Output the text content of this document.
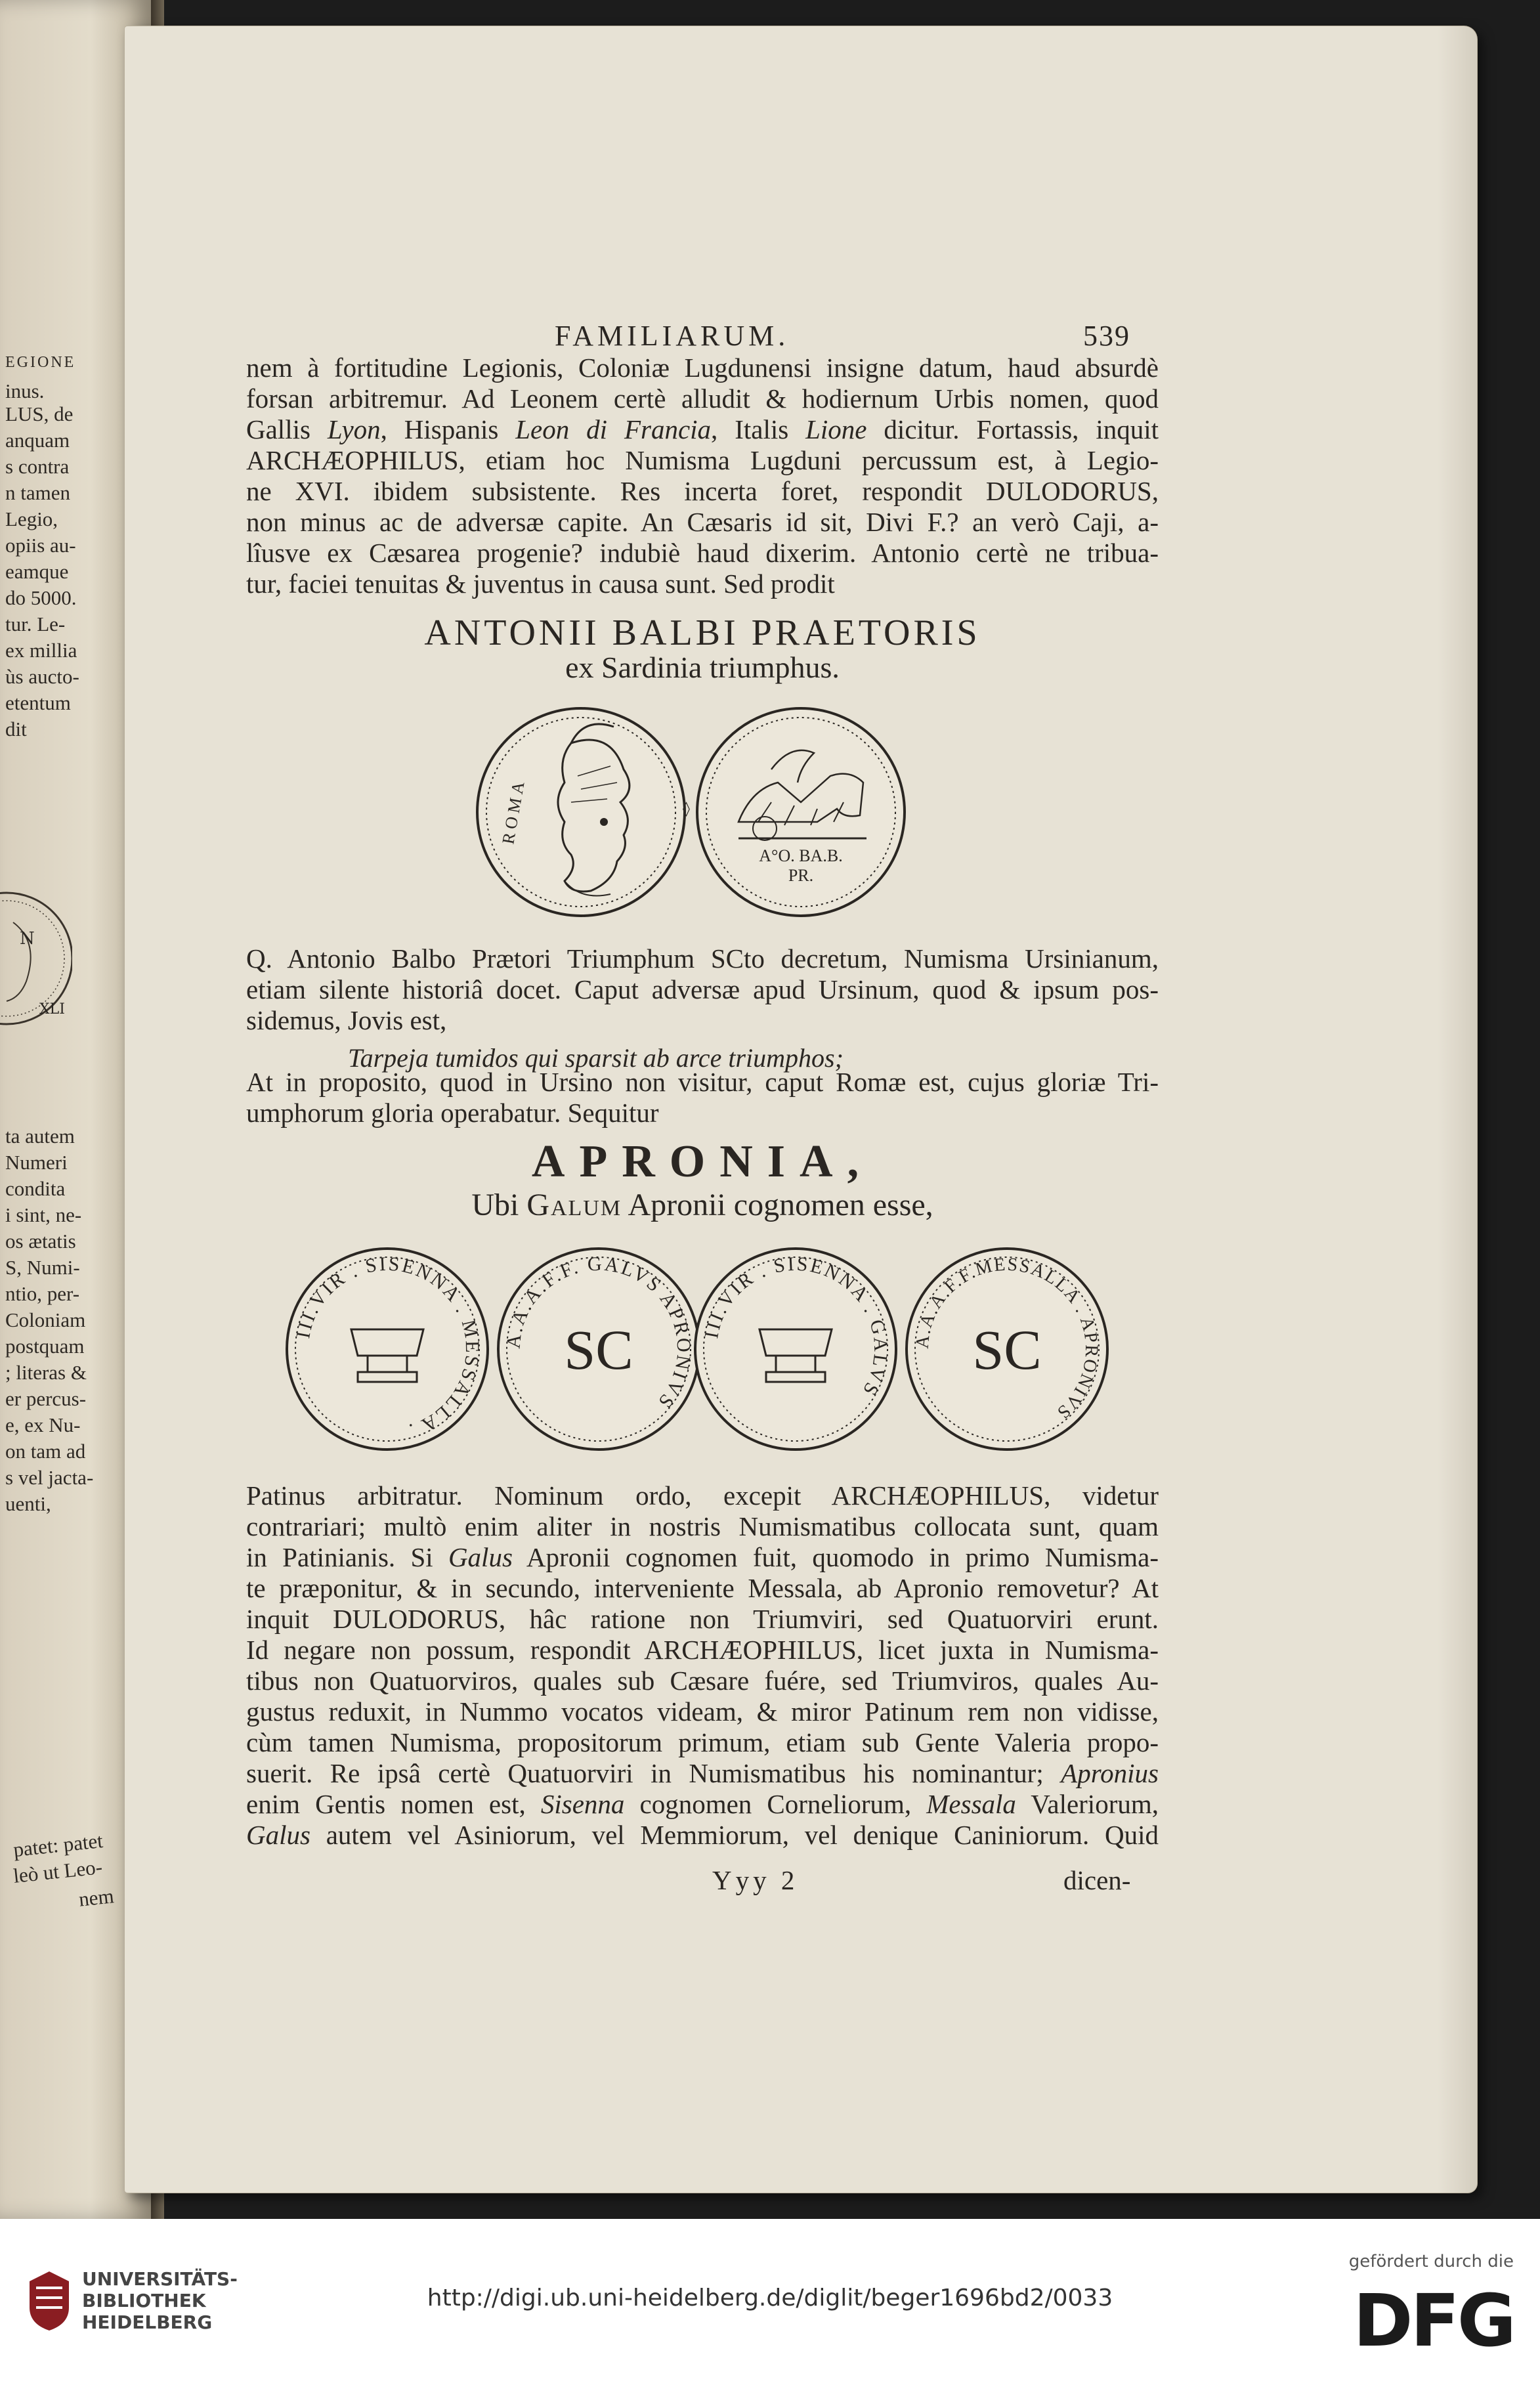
EGIONE
inus.
LUS, de
anquam
s contra
n tamen
Legio,
opiis au-
eamque
do 5000.
tur. Le-
ex millia
ùs aucto-
etentum
dit
ta autem
Numeri
condita
i sint, ne-
os ætatis
S, Numi-
ntio, per-
Coloniam
postquam
; literas &
er percus-
e, ex Nu-
on tam ad
s vel jacta-
uenti,
patet: patet
leò ut Leo-
nem
N
XLI
FAMILIARUM.	539
nem à fortitudine Legionis, Coloniæ Lugdunensi insigne datum, haud absurdè
forsan arbitremur. Ad Leonem certè alludit & hodiernum Urbis nomen, quod
Gallis Lyon, Hispanis Leon di Francia, Italis Lione dicitur. Fortassis, inquit
ARCHÆOPHILUS, etiam hoc Numisma Lugduni percussum est, à Legio-
ne XVI. ibidem subsistente. Res incerta foret, respondit DULODORUS,
non minus ac de adversæ capite. An Cæsaris id sit, Divi F.? an verò Caji, a-
lîusve ex Cæsarea progenie? indubiè haud dixerim. Antonio certè ne tribua-
tur, faciei tenuitas & juventus in causa sunt. Sed prodit
ANTONII BALBI PRAETORIS
ex Sardinia triumphus.
ROMA	◊
A°O. BA.B.
PR.
Q. Antonio Balbo Prætori Triumphum SCto decretum, Numisma Ursinianum,
etiam silente historiâ docet. Caput adversæ apud Ursinum, quod & ipsum pos-
sidemus, Jovis est,
Tarpeja tumidos qui sparsit ab arce triumphos;
At in proposito, quod in Ursino non visitur, caput Romæ est, cujus gloriæ Tri-
umphorum gloria operabatur. Sequitur
APRONIA,
Ubi Galum Apronii cognomen esse,
III.VIR . SISENNA . MESSALLA .
SC
A.A.A.F.F. GALVS APRONIVS
III.VIR . SISENNA . GALVS
SC
A.A.A.F.F.MESSALLA . APRONIVS
Patinus arbitratur. Nominum ordo, excepit ARCHÆOPHILUS, videtur
contrariari; multò enim aliter in nostris Numismatibus collocata sunt, quam
in Patinianis. Si Galus Apronii cognomen fuit, quomodo in primo Numisma-
te præponitur, & in secundo, interveniente Messala, ab Apronio removetur? At
inquit DULODORUS, hâc ratione non Triumviri, sed Quatuorviri erunt.
Id negare non possum, respondit ARCHÆOPHILUS, licet juxta in Numisma-
tibus non Quatuorviros, quales sub Cæsare fuére, sed Triumviros, quales Au-
gustus reduxit, in Nummo vocatos videam, & miror Patinum rem non vidisse,
cùm tamen Numisma, propositorum primum, etiam sub Gente Valeria propo-
suerit. Re ipsâ certè Quatuorviri in Numismatibus his nominantur; Apronius
enim Gentis nomen est, Sisenna cognomen Corneliorum, Messala Valeriorum,
Galus autem vel Asiniorum, vel Memmiorum, vel denique Caniniorum. Quid
Yyy 2	dicen-
UNIVERSITÄTS-
BIBLIOTHEK
HEIDELBERG
http://digi.ub.uni-heidelberg.de/diglit/beger1696bd2/0033
gefördert durch die
DFG
